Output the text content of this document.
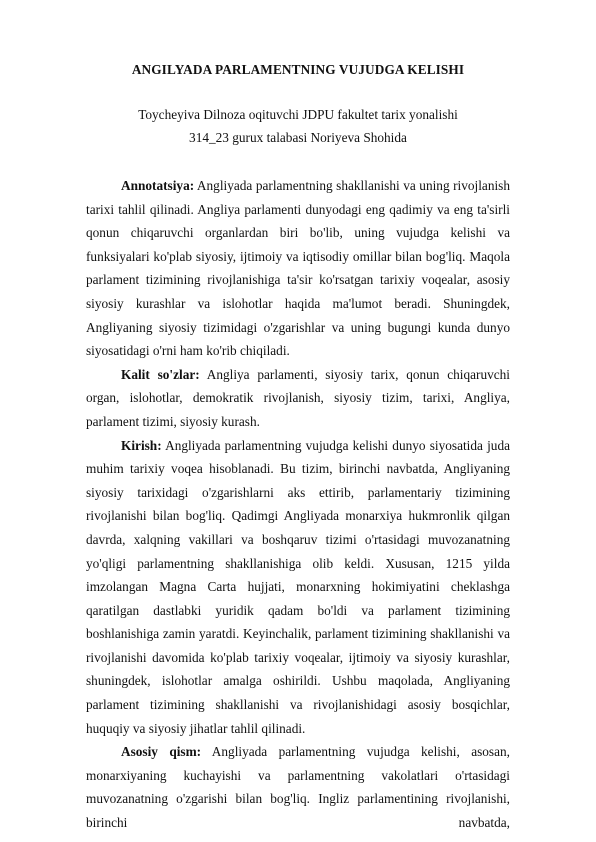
ANGILYADA PARLAMENTNING VUJUDGA KELISHI
Toycheyiva Dilnoza oqituvchi JDPU fakultet tarix yonalishi
314_23 gurux talabasi Noriyeva Shohida

Annotatsiya: Angliyada parlamentning shakllanishi va uning rivojlanish tarixi tahlil qilinadi. Angliya parlamenti dunyodagi eng qadimiy va eng ta'sirli qonun chiqaruvchi organlardan biri bo'lib, uning vujudga kelishi va funksiyalari ko'plab siyosiy, ijtimoiy va iqtisodiy omillar bilan bog'liq. Maqola parlament tizimining rivojlanishiga ta'sir ko'rsatgan tarixiy voqealar, asosiy siyosiy kurashlar va islohotlar haqida ma'lumot beradi. Shuningdek, Angliyaning siyosiy tizimidagi o'zgarishlar va uning bugungi kunda dunyo siyosatidagi o'rni ham ko'rib chiqiladi.

Kalit so'zlar: Angliya parlamenti, siyosiy tarix, qonun chiqaruvchi organ, islohotlar, demokratik rivojlanish, siyosiy tizim, tarixi, Angliya, parlament tizimi, siyosiy kurash.

Kirish: Angliyada parlamentning vujudga kelishi dunyo siyosatida juda muhim tarixiy voqea hisoblanadi. Bu tizim, birinchi navbatda, Angliyaning siyosiy tarixidagi o'zgarishlarni aks ettirib, parlamentariy tizimining rivojlanishi bilan bog'liq. Qadimgi Angliyada monarxiya hukmronlik qilgan davrda, xalqning vakillari va boshqaruv tizimi o'rtasidagi muvozanatning yo'qligi parlamentning shakllanishiga olib keldi. Xususan, 1215 yilda imzolangan Magna Carta hujjati, monarxning hokimiyatini cheklashga qaratilgan dastlabki yuridik qadam bo'ldi va parlament tizimining boshlanishiga zamin yaratdi. Keyinchalik, parlament tizimining shakllanishi va rivojlanishi davomida ko'plab tarixiy voqealar, ijtimoiy va siyosiy kurashlar, shuningdek, islohotlar amalga oshirildi. Ushbu maqolada, Angliyaning parlament tizimining shakllanishi va rivojlanishidagi asosiy bosqichlar, huquqiy va siyosiy jihatlar tahlil qilinadi.

Asosiy qism: Angliyada parlamentning vujudga kelishi, asosan, monarxiyaning kuchayishi va parlamentning vakolatlari o'rtasidagi muvozanatning o'zgarishi bilan bog'liq. Ingliz parlamentining rivojlanishi, birinchi navbatda,
